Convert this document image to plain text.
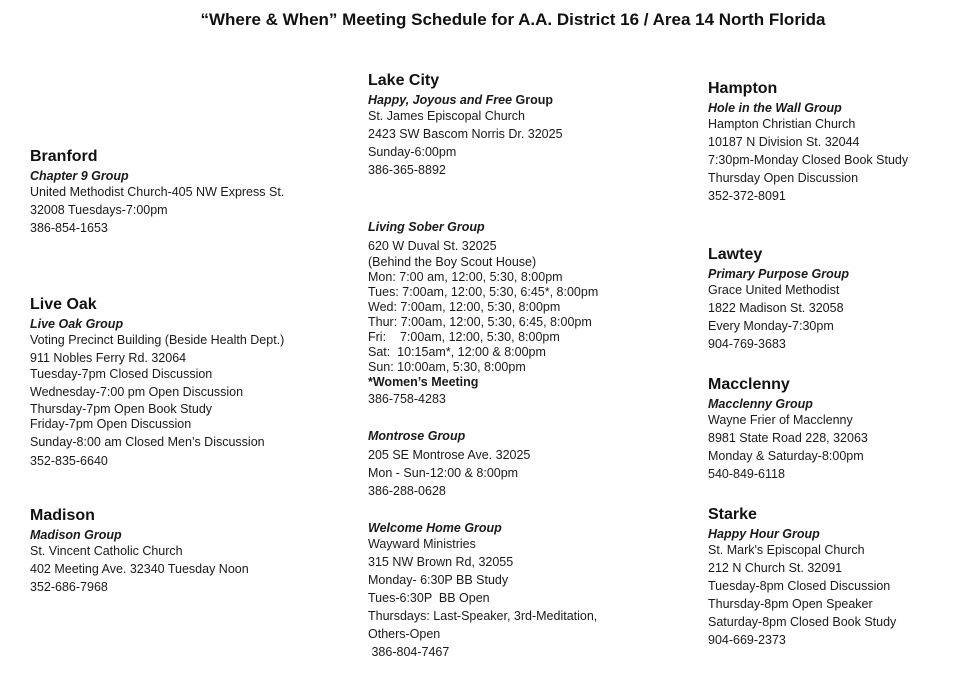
“Where & When” Meeting Schedule for A.A. District 16 / Area 14 North Florida
Branford
Chapter 9 Group
United Methodist Church-405 NW Express St.
32008 Tuesdays-7:00pm
386-854-1653
Live Oak
Live Oak Group
Voting Precinct Building (Beside Health Dept.)
911 Nobles Ferry Rd. 32064
Tuesday-7pm Closed Discussion
Wednesday-7:00 pm Open Discussion
Thursday-7pm Open Book Study
Friday-7pm Open Discussion
Sunday-8:00 am Closed Men’s Discussion
352-835-6640
Madison
Madison Group
St. Vincent Catholic Church
402 Meeting Ave. 32340 Tuesday Noon
352-686-7968
Lake City
Happy, Joyous and Free Group
St. James Episcopal Church
2423 SW Bascom Norris Dr. 32025
Sunday-6:00pm
386-365-8892
Living Sober Group
620 W Duval St. 32025
(Behind the Boy Scout House)
Mon: 7:00 am, 12:00, 5:30, 8:00pm
Tues: 7:00am, 12:00, 5:30, 6:45*, 8:00pm
Wed: 7:00am, 12:00, 5:30, 8:00pm
Thur: 7:00am, 12:00, 5:30, 6:45, 8:00pm
Fri:    7:00am, 12:00, 5:30, 8:00pm
Sat:  10:15am*, 12:00 & 8:00pm
Sun: 10:00am, 5:30, 8:00pm
*Women’s Meeting
386-758-4283
Montrose Group
205 SE Montrose Ave. 32025
Mon - Sun-12:00 & 8:00pm
386-288-0628
Welcome Home Group
Wayward Ministries
315 NW Brown Rd, 32055
Monday- 6:30P BB Study
Tues-6:30P  BB Open
Thursdays: Last-Speaker, 3rd-Meditation,
Others-Open
386-804-7467
Hampton
Hole in the Wall Group
Hampton Christian Church
10187 N Division St. 32044
7:30pm-Monday Closed Book Study
Thursday Open Discussion
352-372-8091
Lawtey
Primary Purpose Group
Grace United Methodist
1822 Madison St. 32058
Every Monday-7:30pm
904-769-3683
Macclenny
Macclenny Group
Wayne Frier of Macclenny
8981 State Road 228, 32063
Monday & Saturday-8:00pm
540-849-6118
Starke
Happy Hour Group
St. Mark's Episcopal Church
212 N Church St. 32091
Tuesday-8pm Closed Discussion
Thursday-8pm Open Speaker
Saturday-8pm Closed Book Study
904-669-2373
